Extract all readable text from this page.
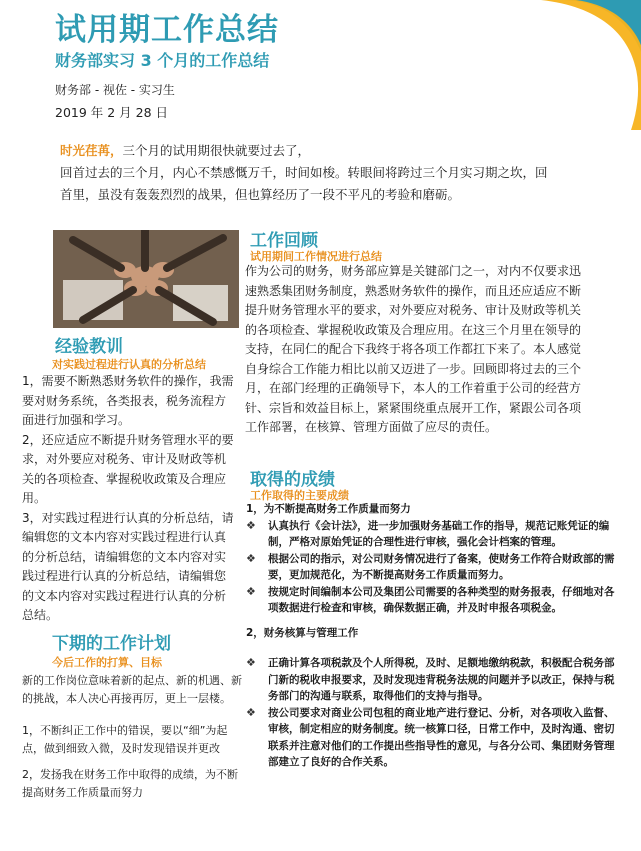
试用期工作总结
财务部实习 3 个月的工作总结
财务部 - 视佐 - 实习生
2019 年 2 月 28 日
时光荏苒，三个月的试用期很快就要过去了，
回首过去的三个月，内心不禁感慨万千，时间如梭。转眼间将跨过三个月实习期之坎，回
首里，虽没有轰轰烈烈的战果，但也算经历了一段不平凡的考验和磨砺。
经验教训
对实践过程进行认真的分析总结

1，需要不断熟悉财务软件的操作，我需要对财务系统，各类报表，税务流程方面进行加强和学习。

2，还应适应不断提升财务管理水平的要求，对外要应对税务、审计及财政等机关的各项检查、掌握税收政策及合理应用。

3，对实践过程进行认真的分析总结，请编辑您的文本内容对实践过程进行认真的分析总结，请编辑您的文本内容对实践过程进行认真的分析总结，请编辑您的文本内容对实践过程进行认真的分析总结。

下期的工作计划
今后工作的打算、目标

新的工作岗位意味着新的起点、新的机遇、新的挑战，本人决心再接再厉，更上一层楼。

1，不断纠正工作中的错误，要以“细”为起点，做到细致入微，及时发现错误并更改

2，发扬我在财务工作中取得的成绩，为不断提高财务工作质量而努力

工作回顾
试用期间工作情况进行总结
作为公司的财务，财务部应算是关键部门之一，对内不仅要求迅速熟悉集团财务制度，熟悉财务软件的操作，而且还应适应不断提升财务管理水平的要求，对外要应对税务、审计及财政等机关的各项检查、掌握税收政策及合理应用。在这三个月里在领导的支持，在同仁的配合下我终于将各项工作都扛下来了。本人感觉自身综合工作能力相比以前又迈进了一步。回顾即将过去的三个月，在部门经理的正确领导下，本人的工作着重于公司的经营方针、宗旨和效益目标上，紧紧围绕重点展开工作，紧跟公司各项工作部署，在核算、管理方面做了应尽的责任。
取得的成绩
工作取得的主要成绩

1，为不断提高财务工作质量而努力

❖	认真执行《会计法》，进一步加强财务基础工作的指导，规范记账凭证的编制，严格对原始凭证的合理性进行审核，强化会计档案的管理。
❖	根据公司的指示，对公司财务情况进行了备案，使财务工作符合财政部的需要，更加规范化，为不断提高财务工作质量而努力。
❖	按规定时间编制本公司及集团公司需要的各种类型的财务报表，仔细地对各项数据进行检查和审核，确保数据正确，并及时申报各项税金。

2，财务核算与管理工作

❖	正确计算各项税款及个人所得税，及时、足额地缴纳税款，积极配合税务部门新的税收申报要求，及时发现违背税务法规的问题并予以改正，保持与税务部门的沟通与联系，取得他们的支持与指导。
❖	按公司要求对商业公司包租的商业地产进行登记、分析，对各项收入监督、审核，制定相应的财务制度。统一核算口径，日常工作中，及时沟通、密切联系并注意对他们的工作提出些指导性的意见，与各分公司、集团财务管理部建立了良好的合作关系。
